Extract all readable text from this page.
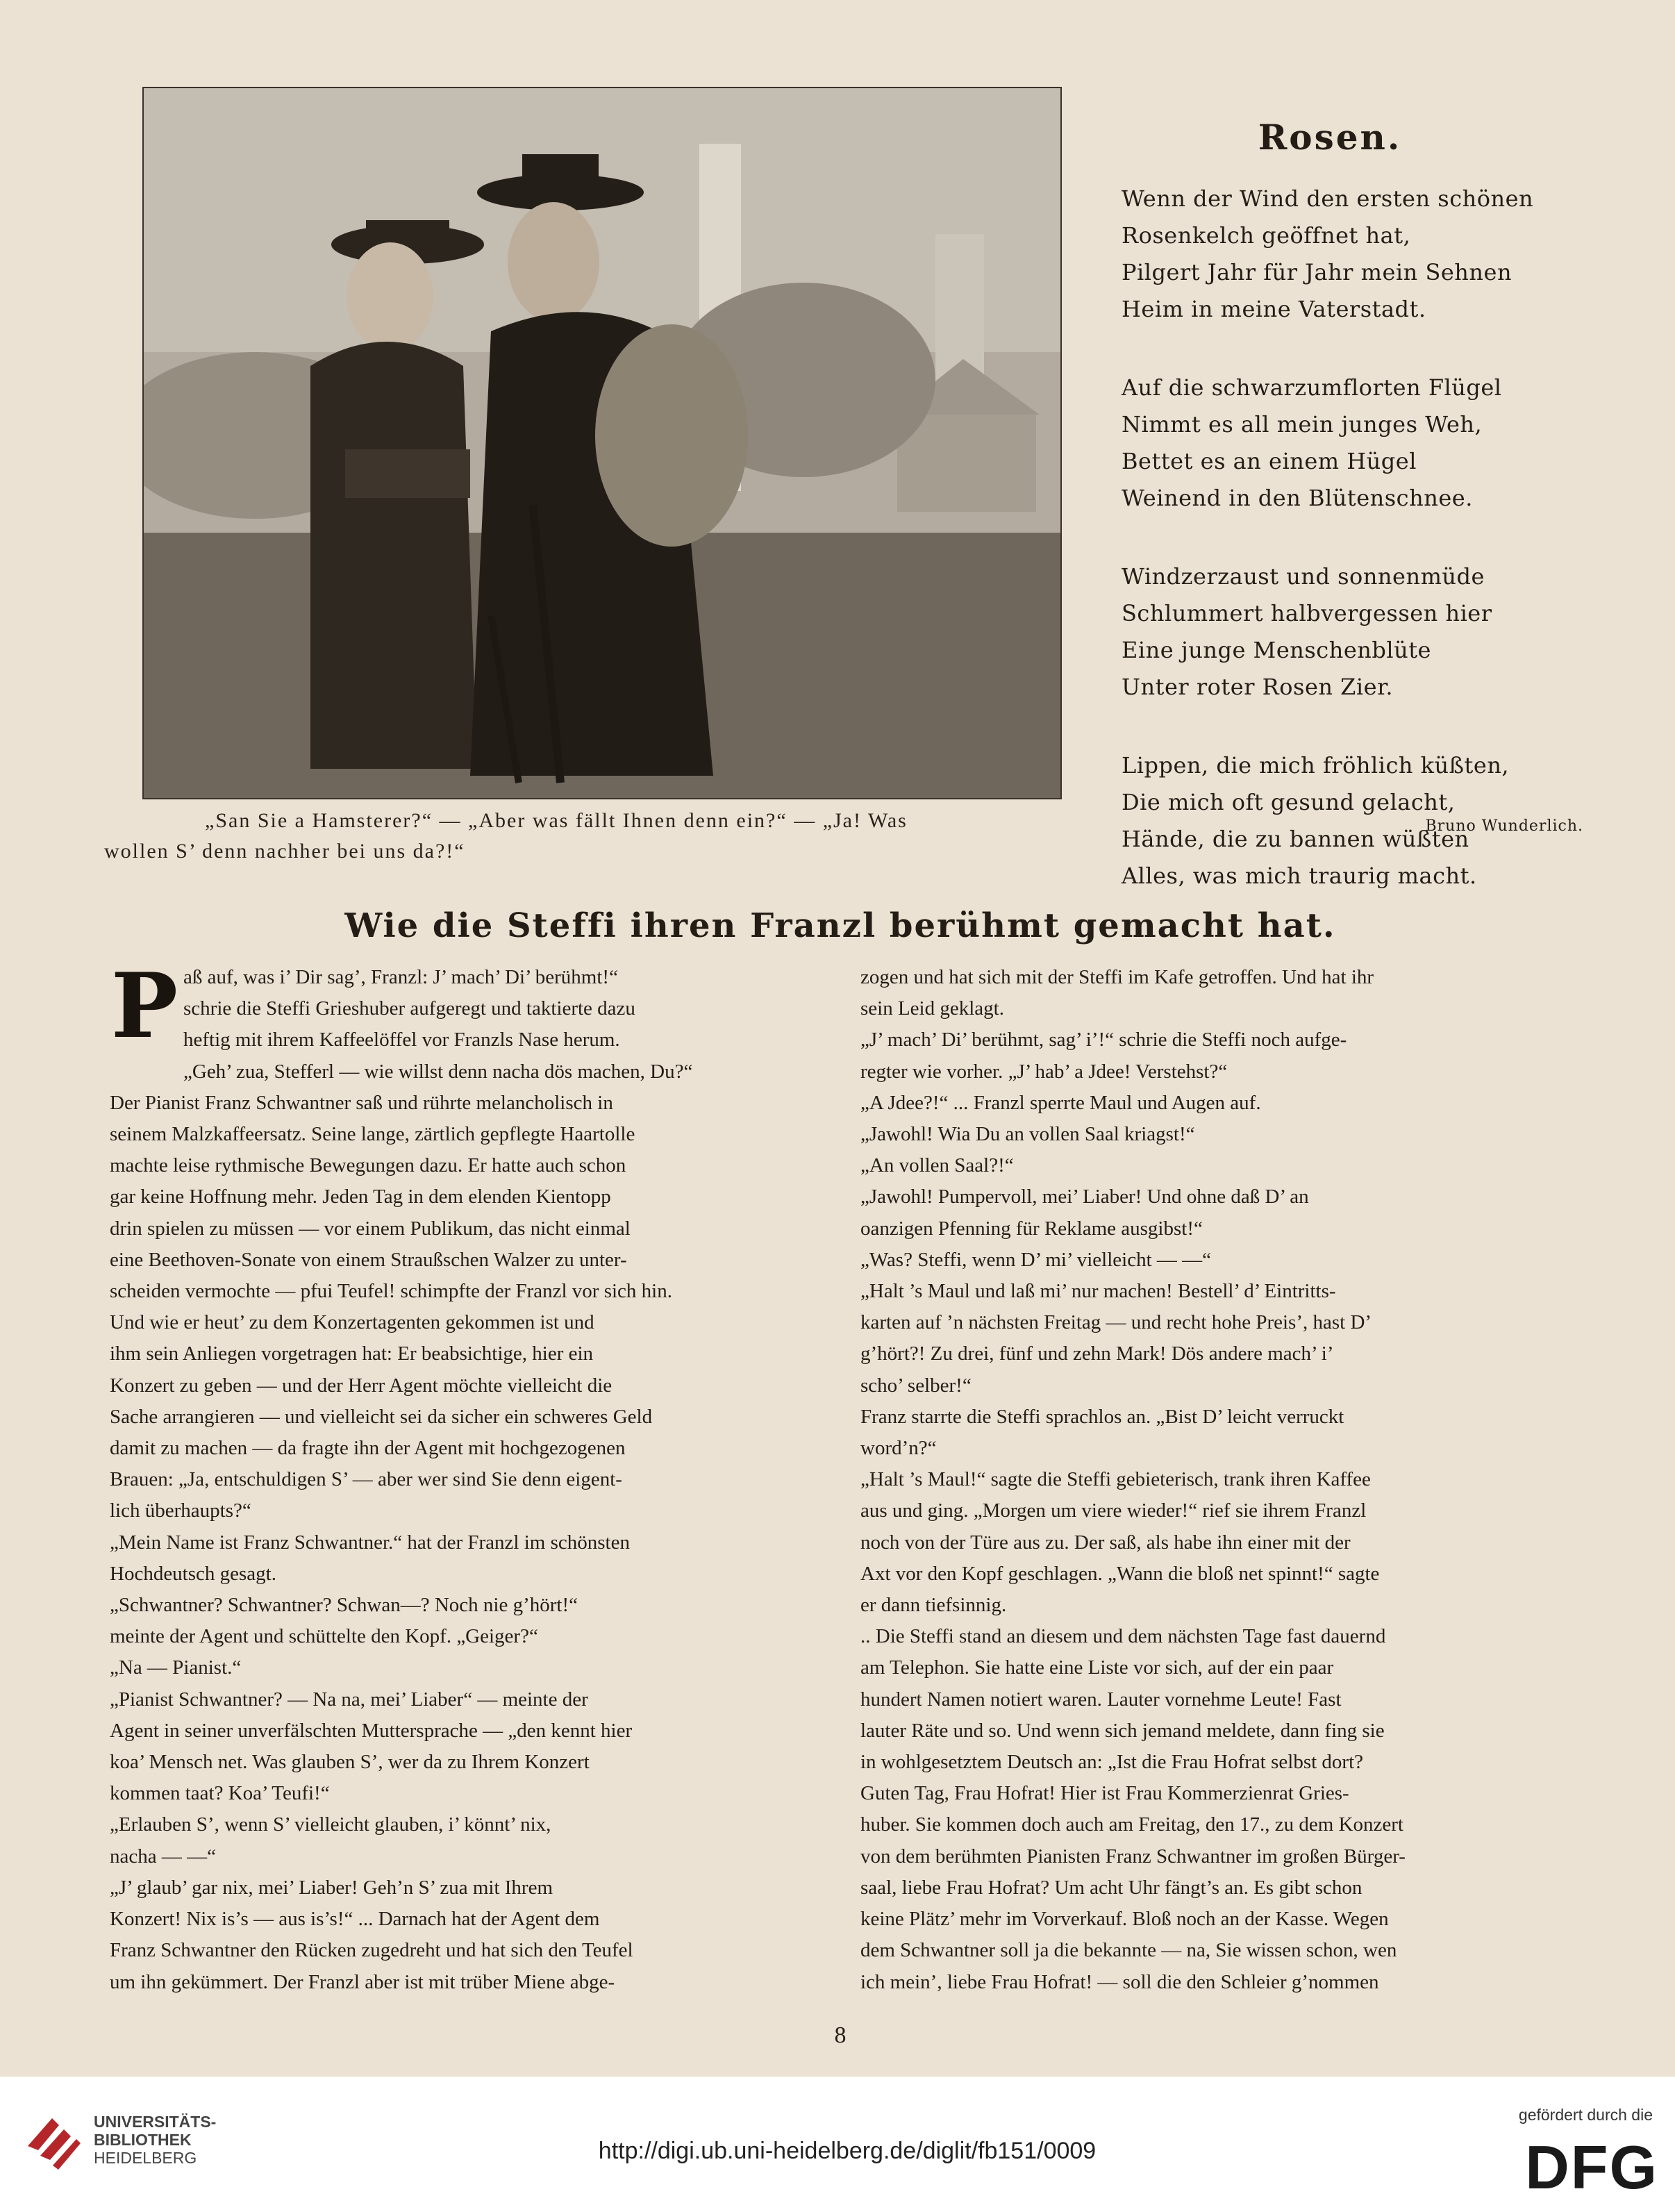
„San Sie a Hamsterer?“ — „Aber was fällt Ihnen denn ein?“ — „Ja! Was
wollen S’ denn nachher bei uns da?!“
Rosen.
Wenn der Wind den ersten schönen
Rosenkelch geöffnet hat,
Pilgert Jahr für Jahr mein Sehnen
Heim in meine Vaterstadt.
Auf die schwarzumflorten Flügel
Nimmt es all mein junges Weh,
Bettet es an einem Hügel
Weinend in den Blütenschnee.
Windzerzaust und sonnenmüde
Schlummert halbvergessen hier
Eine junge Menschenblüte
Unter roter Rosen Zier.
Lippen, die mich fröhlich küßten,
Die mich oft gesund gelacht,
Hände, die zu bannen wüßten
Alles, was mich traurig macht.
Bruno Wunderlich.
Wie die Steffi ihren Franzl berühmt gemacht hat.
P aß auf, was i’ Dir sag’, Franzl: J’ mach’ Di’ berühmt!“
schrie die Steffi Grieshuber aufgeregt und taktierte dazu
heftig mit ihrem Kaffeelöffel vor Franzls Nase herum.
„Geh’ zua, Stefferl — wie willst denn nacha dös machen, Du?“
Der Pianist Franz Schwantner saß und rührte melancholisch in
seinem Malzkaffeersatz. Seine lange, zärtlich gepflegte Haartolle
machte leise rythmische Bewegungen dazu. Er hatte auch schon
gar keine Hoffnung mehr. Jeden Tag in dem elenden Kientopp
drin spielen zu müssen — vor einem Publikum, das nicht einmal
eine Beethoven-Sonate von einem Straußschen Walzer zu unter-
scheiden vermochte — pfui Teufel! schimpfte der Franzl vor sich hin.
Und wie er heut’ zu dem Konzertagenten gekommen ist und
ihm sein Anliegen vorgetragen hat: Er beabsichtige, hier ein
Konzert zu geben — und der Herr Agent möchte vielleicht die
Sache arrangieren — und vielleicht sei da sicher ein schweres Geld
damit zu machen — da fragte ihn der Agent mit hochgezogenen
Brauen: „Ja, entschuldigen S’ — aber wer sind Sie denn eigent-
lich überhaupts?“
„Mein Name ist Franz Schwantner.“ hat der Franzl im schönsten
Hochdeutsch gesagt.
„Schwantner? Schwantner? Schwan—? Noch nie g’hört!“
meinte der Agent und schüttelte den Kopf. „Geiger?“
„Na — Pianist.“
„Pianist Schwantner? — Na na, mei’ Liaber“ — meinte der
Agent in seiner unverfälschten Muttersprache — „den kennt hier
koa’ Mensch net. Was glauben S’, wer da zu Ihrem Konzert
kommen taat? Koa’ Teufi!“
„Erlauben S’, wenn S’ vielleicht glauben, i’ könnt’ nix,
nacha — —“
„J’ glaub’ gar nix, mei’ Liaber! Geh’n S’ zua mit Ihrem
Konzert! Nix is’s — aus is’s!“ ... Darnach hat der Agent dem
Franz Schwantner den Rücken zugedreht und hat sich den Teufel
um ihn gekümmert. Der Franzl aber ist mit trüber Miene abge-
zogen und hat sich mit der Steffi im Kafe getroffen. Und hat ihr
sein Leid geklagt.
„J’ mach’ Di’ berühmt, sag’ i’!“ schrie die Steffi noch aufge-
regter wie vorher. „J’ hab’ a Jdee! Verstehst?“
„A Jdee?!“ ... Franzl sperrte Maul und Augen auf.
„Jawohl! Wia Du an vollen Saal kriagst!“
„An vollen Saal?!“
„Jawohl! Pumpervoll, mei’ Liaber! Und ohne daß D’ an
oanzigen Pfenning für Reklame ausgibst!“
„Was? Steffi, wenn D’ mi’ vielleicht — —“
„Halt ’s Maul und laß mi’ nur machen! Bestell’ d’ Eintritts-
karten auf ’n nächsten Freitag — und recht hohe Preis’, hast D’
g’hört?! Zu drei, fünf und zehn Mark! Dös andere mach’ i’
scho’ selber!“
Franz starrte die Steffi sprachlos an. „Bist D’ leicht verruckt
word’n?“
„Halt ’s Maul!“ sagte die Steffi gebieterisch, trank ihren Kaffee
aus und ging. „Morgen um viere wieder!“ rief sie ihrem Franzl
noch von der Türe aus zu. Der saß, als habe ihn einer mit der
Axt vor den Kopf geschlagen. „Wann die bloß net spinnt!“ sagte
er dann tiefsinnig.
.. Die Steffi stand an diesem und dem nächsten Tage fast dauernd
am Telephon. Sie hatte eine Liste vor sich, auf der ein paar
hundert Namen notiert waren. Lauter vornehme Leute! Fast
lauter Räte und so. Und wenn sich jemand meldete, dann fing sie
in wohlgesetztem Deutsch an: „Ist die Frau Hofrat selbst dort?
Guten Tag, Frau Hofrat! Hier ist Frau Kommerzienrat Gries-
huber. Sie kommen doch auch am Freitag, den 17., zu dem Konzert
von dem berühmten Pianisten Franz Schwantner im großen Bürger-
saal, liebe Frau Hofrat? Um acht Uhr fängt’s an. Es gibt schon
keine Plätz’ mehr im Vorverkauf. Bloß noch an der Kasse. Wegen
dem Schwantner soll ja die bekannte — na, Sie wissen schon, wen
ich mein’, liebe Frau Hofrat! — soll die den Schleier g’nommen
8
UNIVERSITÄTS-
BIBLIOTHEK
HEIDELBERG	http://digi.ub.uni-heidelberg.de/diglit/fb151/0009
gefördert durch die
DFG
